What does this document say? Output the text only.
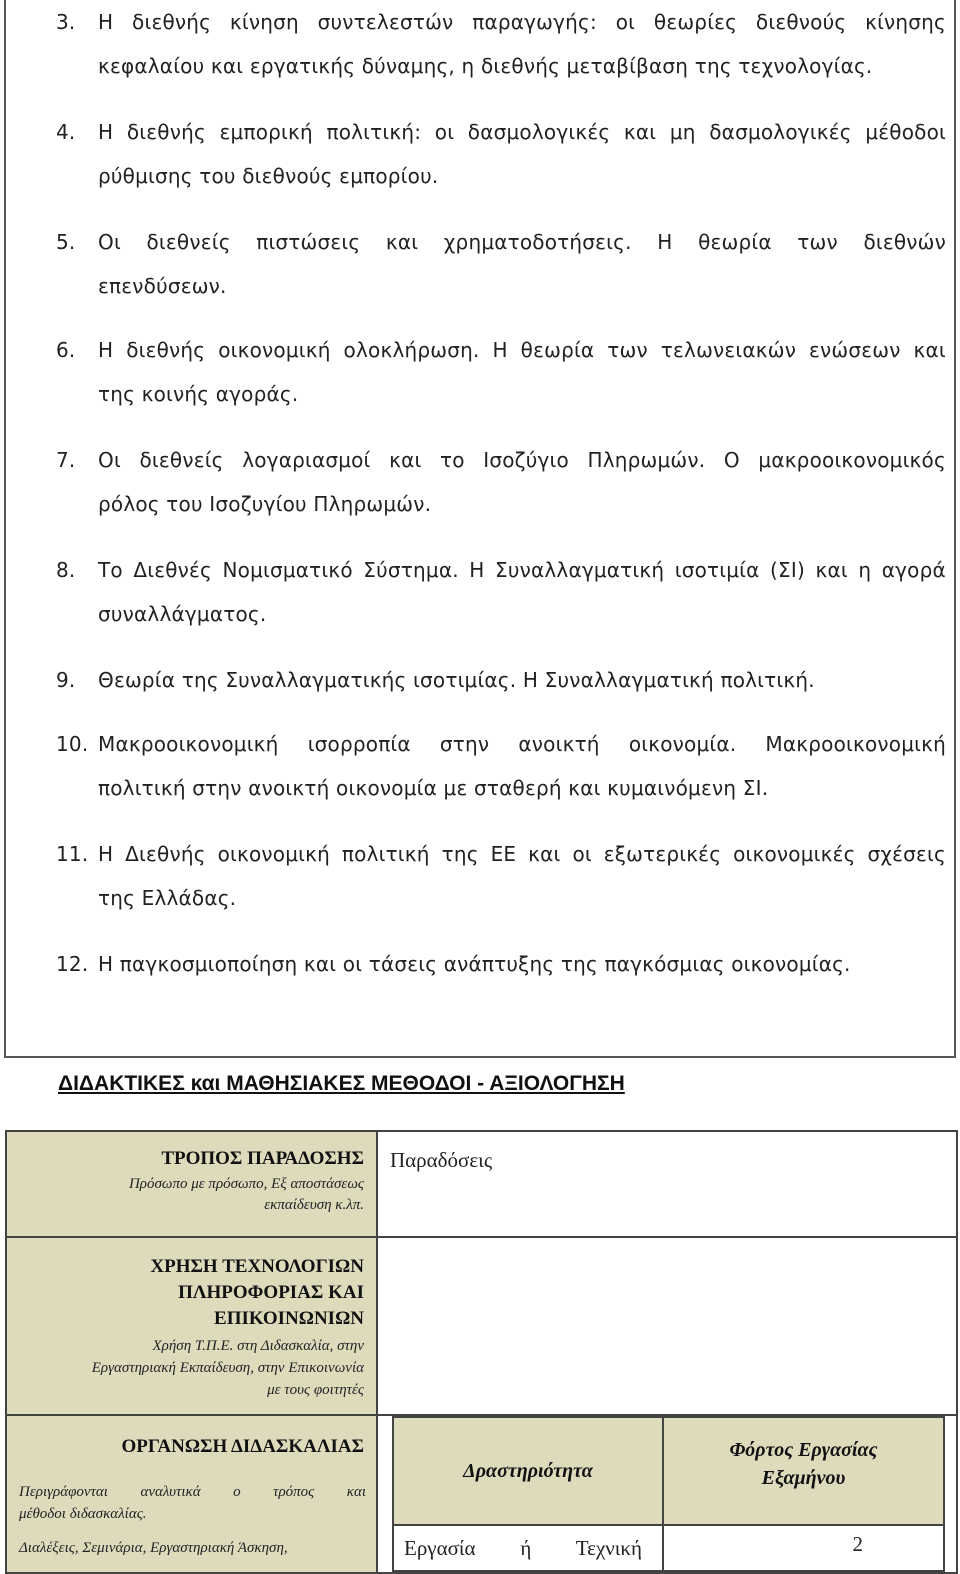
3. Η διεθνής κίνηση συντελεστών παραγωγής: οι θεωρίες διεθνούς κίνησης
κεφαλαίου και εργατικής δύναμης, η διεθνής μεταβίβαση της τεχνολογίας.
4. Η διεθνής εμπορική πολιτική: οι δασμολογικές και μη δασμολογικές μέθοδοι
ρύθμισης του διεθνούς εμπορίου.
5. Οι διεθνείς πιστώσεις και χρηματοδοτήσεις. Η θεωρία των διεθνών
επενδύσεων.
6. Η διεθνής οικονομική ολοκλήρωση. Η θεωρία των τελωνειακών ενώσεων και
της κοινής αγοράς.
7. Οι διεθνείς λογαριασμοί και το Ισοζύγιο Πληρωμών. Ο μακροοικονομικός
ρόλος του Ισοζυγίου Πληρωμών.
8. Το Διεθνές Νομισματικό Σύστημα. Η Συναλλαγματική ισοτιμία (ΣΙ) και η αγορά
συναλλάγματος.
9. Θεωρία της Συναλλαγματικής ισοτιμίας. Η Συναλλαγματική πολιτική.
10. Μακροοικονομική ισορροπία στην ανοικτή οικονομία. Μακροοικονομική
πολιτική στην ανοικτή οικονομία με σταθερή και κυμαινόμενη ΣΙ.
11. Η Διεθνής οικονομική πολιτική της ΕΕ και οι εξωτερικές οικονομικές σχέσεις
της Ελλάδας.
12. Η παγκοσμιοποίηση και οι τάσεις ανάπτυξης της παγκόσμιας οικονομίας.
ΔΙΔΑΚΤΙΚΕΣ και ΜΑΘΗΣΙΑΚΕΣ ΜΕΘΟΔΟΙ - ΑΞΙΟΛΟΓΗΣΗ
ΤΡΟΠΟΣ ΠΑΡΑΔΟΣΗΣ
Πρόσωπο με πρόσωπο, Εξ αποστάσεως
εκπαίδευση κ.λπ.
Παραδόσεις
ΧΡΗΣΗ ΤΕΧΝΟΛΟΓΙΩΝ
ΠΛΗΡΟΦΟΡΙΑΣ ΚΑΙ
ΕΠΙΚΟΙΝΩΝΙΩΝ
Χρήση Τ.Π.Ε. στη Διδασκαλία, στην
Εργαστηριακή Εκπαίδευση, στην Επικοινωνία
με τους φοιτητές
ΟΡΓΑΝΩΣΗ ΔΙΔΑΣΚΑΛΙΑΣ
Περιγράφονται αναλυτικά ο τρόπος και
μέθοδοι διδασκαλίας.
Διαλέξεις, Σεμινάρια, Εργαστηριακή Άσκηση,
Δραστηριότητα
Φόρτος Εργασίας
Εξαμήνου
Εργασία ή Τεχνική	2
